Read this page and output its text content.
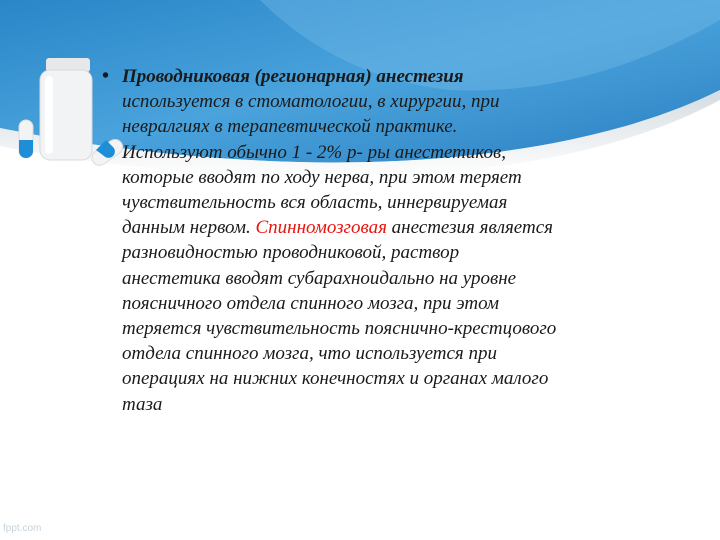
• Проводниковая (регионарная) анестезия
используется в стоматологии, в хирургии, при
невралгиях в терапевтической практике.
Используют обычно 1 - 2% р- ры анестетиков,
которые вводят по ходу нерва, при этом теряет
чувствительность вся область, иннервируемая
данным нервом. Спинномозговая анестезия является
разновидностью проводниковой, раствор
анестетика вводят субарахноидально на уровне
поясничного отдела спинного мозга, при этом
теряется чувствительность пояснично-крестцового
отдела спинного мозга, что используется при
операциях на нижних конечностях и органах малого
таза
fppt.com
